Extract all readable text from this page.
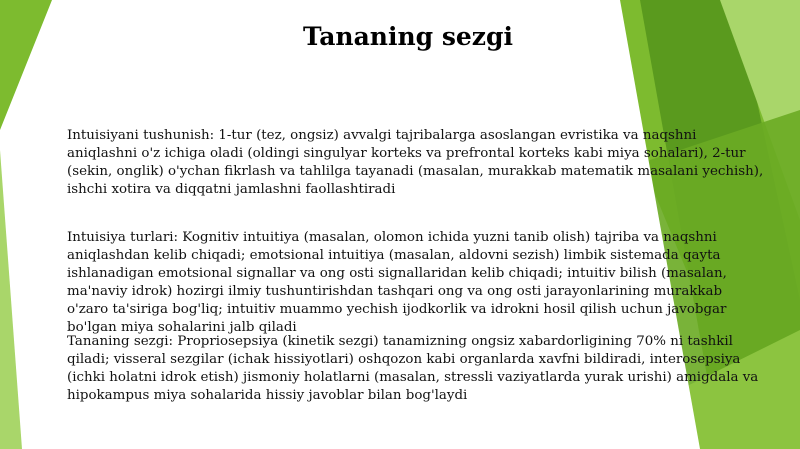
Tananing sezgi
Intuisiyani tushunish: 1-tur (tez, ongsiz) avvalgi tajribalarga asoslangan evristika va naqshni aniqlashni o'z ichiga oladi (oldingi singulyar korteks va prefrontal korteks kabi miya sohalari), 2-tur (sekin, onglik) o'ychan fikrlash va tahlilga tayanadi (masalan, murakkab matematik masalani yechish), ishchi xotira va diqqatni jamlashni faollashtiradi
Intuisiya turlari: Kognitiv intuitiya (masalan, olomon ichida yuzni tanib olish) tajriba va naqshni aniqlashdan kelib chiqadi; emotsional intuitiya (masalan, aldovni sezish) limbik sistemada qayta ishlanadigan emotsional signallar va ong osti signallaridan kelib chiqadi; intuitiv bilish (masalan, ma'naviy idrok) hozirgi ilmiy tushuntirishdan tashqari ong va ong osti jarayonlarining murakkab o'zaro ta'siriga bog'liq; intuitiv muammo yechish ijodkorlik va idrokni hosil qilish uchun javobgar bo'lgan miya sohalarini jalb qiladi
Tananing sezgi: Propriosepsiya (kinetik sezgi) tanamizning ongsiz xabardorligining 70% ni tashkil qiladi; visseral sezgilar (ichak hissiyotlari) oshqozon kabi organlarda xavfni bildiradi, interosepsiya (ichki holatni idrok etish) jismoniy holatlarni (masalan, stressli vaziyatlarda yurak urishi) amigdala va hipokampus miya sohalarida hissiy javoblar bilan bog'laydi
